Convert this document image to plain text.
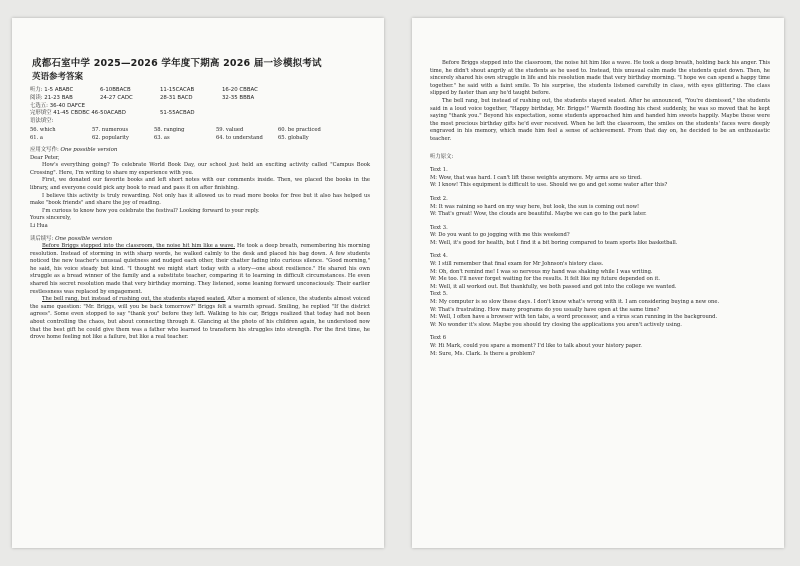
成都石室中学 2025—2026 学年度下期高 2026 届一诊模拟考试
英语参考答案
听力: 1-5 ABABC	6-10BBACB	11-15CACAB	16-20 CBBAC
阅读: 21-23 BAB	24-27 CADC	28-31 BACD	32-35 BBBA
七选五: 36-40 DAFCE
完形填空 41-45 CBDBC 46-50ACABD	51-55ACBAD
语法填空:
56. which	57. numerous	58. ranging	59. valued	60. be practiced
61. a	62. popularity	63. as	64. to understand	65. globally
应用文写作: One possible version

Dear Peter,

How's everything going? To celebrate World Book Day, our school just held an exciting activity called "Campus Book Crossing". Here, I'm writing to share my experience with you.

First, we donated our favorite books and left short notes with our comments inside. Then, we placed the books in the library, and everyone could pick any book to read and pass it on after finishing.

I believe this activity is truly rewarding. Not only has it allowed us to read more books for free but it also has helped us make "book friends" and share the joy of reading.

I'm curious to know how you celebrate the festival? Looking forward to your reply.

Yours sincerely,

Li Hua

读后续写: One possible version

Before Briggs stepped into the classroom, the noise hit him like a wave. He took a deep breath, remembering his morning resolution. Instead of storming in with sharp words, he walked calmly to the desk and placed his bag down. A few students noticed the new teacher's unusual quietness and nudged each other, their chatter fading into curious silence. "Good morning," he said, his voice steady but kind. "I thought we might start today with a story—one about resilience." He shared his own struggle as a bread winner of the family and a substitute teacher, comparing it to learning in difficult circumstances. He even shared his secret resolution made that very birthday morning. They listened, some leaning forward unconsciously. Their earlier restlessness was replaced by engagement.

The bell rang, but instead of rushing out, the students stayed seated. After a moment of silence, the students almost voiced the same question: "Mr. Briggs, will you be back tomorrow?" Briggs felt a warmth spread. Smiling, he replied "If the district agrees". Some even stopped to say "thank you" before they left. Walking to his car, Briggs realized that today had not been about controlling the chaos, but about connecting through it. Glancing at the photo of his children again, he understood now that the best gift he could give them was a father who learned to transform his struggles into strength. For the first time, he drove home feeling not like a failure, but like a real teacher.

Before Briggs stepped into the classroom, the noise hit him like a wave. He took a deep breath, holding back his anger. This time, he didn't shout angrily at the students as he used to. Instead, this unusual calm made the students quiet down. Then, he sincerely shared his own struggle in life and his resolution made that very birthday morning. "I hope we can spend a happy time together." he said with a faint smile. To his surprise, the students listened carefully in class, with eyes glittering. The class slipped by faster than any he'd taught before.

The bell rang, but instead of rushing out, the students stayed seated. After he announced, "You're dismissed," the students said in a loud voice together, "Happy birthday, Mr. Briggs!" Warmth flooding his chest suddenly, he was so moved that he kept saying "thank you." Beyond his expectation, some students approached him and handed him sweets happily. Maybe these were the most precious birthday gifts he'd ever received. When he left the classroom, the smiles on the students' faces were deeply engraved in his memory, which made him feel a sense of achievement. From that day on, he decided to be an enthusiastic teacher.

听力原文:
Text 1.
M: Wow, that was hard. I can't lift these weights anymore. My arms are so tired.
W: I know! This equipment is difficult to use. Should we go and get some water after this?
Text 2.
M: It was raining so hard on my way here, but look, the sun is coming out now!
W: That's great! Wow, the clouds are beautiful. Maybe we can go to the park later.
Text 3.
W: Do you want to go jogging with me this weekend?
M: Well, it's good for health, but I find it a bit boring compared to team sports like basketball.
Text 4.
W: I still remember that final exam for Mr Johnson's history class.
M: Oh, don't remind me! I was so nervous my hand was shaking while I was writing.
W: Me too. I'll never forget waiting for the results. It felt like my future depended on it.
M: Well, it all worked out. But thankfully, we both passed and got into the college we wanted.
Text 5.

M: My computer is so slow these days. I don't know what's wrong with it. I am considering buying a new one.

W: That's frustrating. How many programs do you usually have open at the same time?

M: Well, I often have a browser with ten tabs, a word processor, and a virus scan running in the background.

W: No wonder it's slow. Maybe you should try closing the applications you aren't actively using.
Text 6
W: Hi Mark, could you spare a moment? I'd like to talk about your history paper.
M: Sure, Ms. Clark. Is there a problem?
